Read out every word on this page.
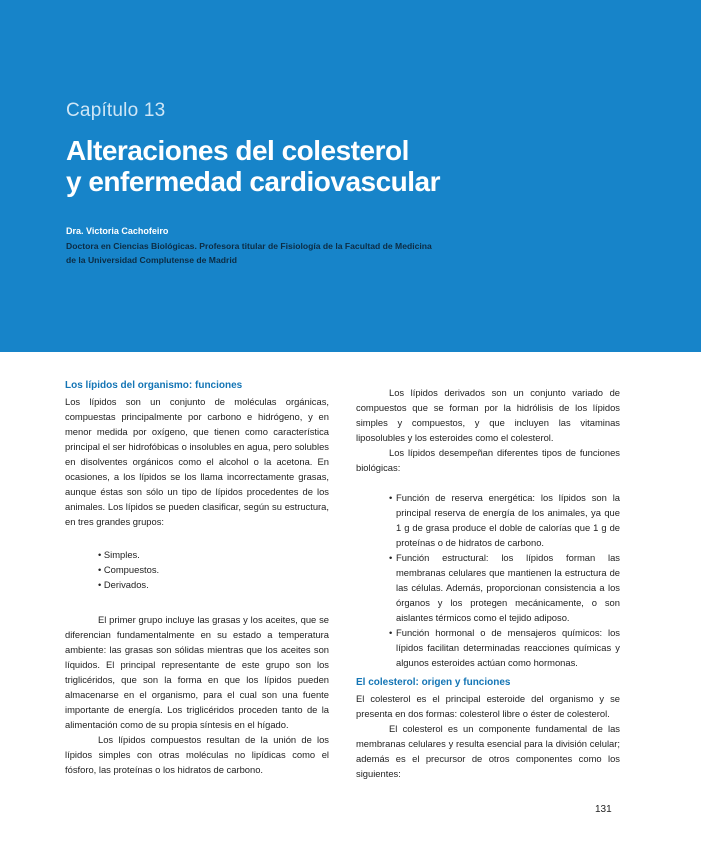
Capítulo 13
Alteraciones del colesterol
y enfermedad cardiovascular
Dra. Victoria Cachofeiro
Doctora en Ciencias Biológicas. Profesora titular de Fisiología de la Facultad de Medicina
de la Universidad Complutense de Madrid
Los lípidos del organismo: funciones

Los lípidos son un conjunto de moléculas orgánicas, compuestas principalmente por carbono e hidrógeno, y en menor medida por oxígeno, que tienen como característica principal el ser hidrofóbicas o insolubles en agua, pero solubles en disolventes orgánicos como el alcohol o la acetona. En ocasiones, a los lípidos se los llama incorrectamente grasas, aunque éstas son sólo un tipo de lípidos procedentes de los animales. Los lípidos se pueden clasificar, según su estructura, en tres grandes grupos:

• Simples.
• Compuestos.
• Derivados.

El primer grupo incluye las grasas y los aceites, que se diferencian fundamentalmente en su estado a temperatura ambiente: las grasas son sólidas mientras que los aceites son líquidos. El principal representante de este grupo son los triglicéridos, que son la forma en que los lípidos pueden almacenarse en el organismo, para el cual son una fuente importante de energía. Los triglicéridos proceden tanto de la alimentación como de su propia síntesis en el hígado.

Los lípidos compuestos resultan de la unión de los lípidos simples con otras moléculas no lipídicas como el fósforo, las proteínas o los hidratos de carbono.

Los lípidos derivados son un conjunto variado de compuestos que se forman por la hidrólisis de los lípidos simples y compuestos, y que incluyen las vitaminas liposolubles y los esteroides como el colesterol.

Los lípidos desempeñan diferentes tipos de funciones biológicas:

• Función de reserva energética: los lípidos son la principal reserva de energía de los animales, ya que 1 g de grasa produce el doble de calorías que 1 g de proteínas o de hidratos de carbono.
• Función estructural: los lípidos forman las membranas celulares que mantienen la estructura de las células. Además, proporcionan consistencia a los órganos y los protegen mecánicamente, o son aislantes térmicos como el tejido adiposo.
• Función hormonal o de mensajeros químicos: los lípidos facilitan determinadas reacciones químicas y algunos esteroides actúan como hormonas.
El colesterol: origen y funciones

El colesterol es el principal esteroide del organismo y se presenta en dos formas: colesterol libre o éster de colesterol.

El colesterol es un componente fundamental de las membranas celulares y resulta esencial para la división celular; además es el precursor de otros componentes como los siguientes:

131
